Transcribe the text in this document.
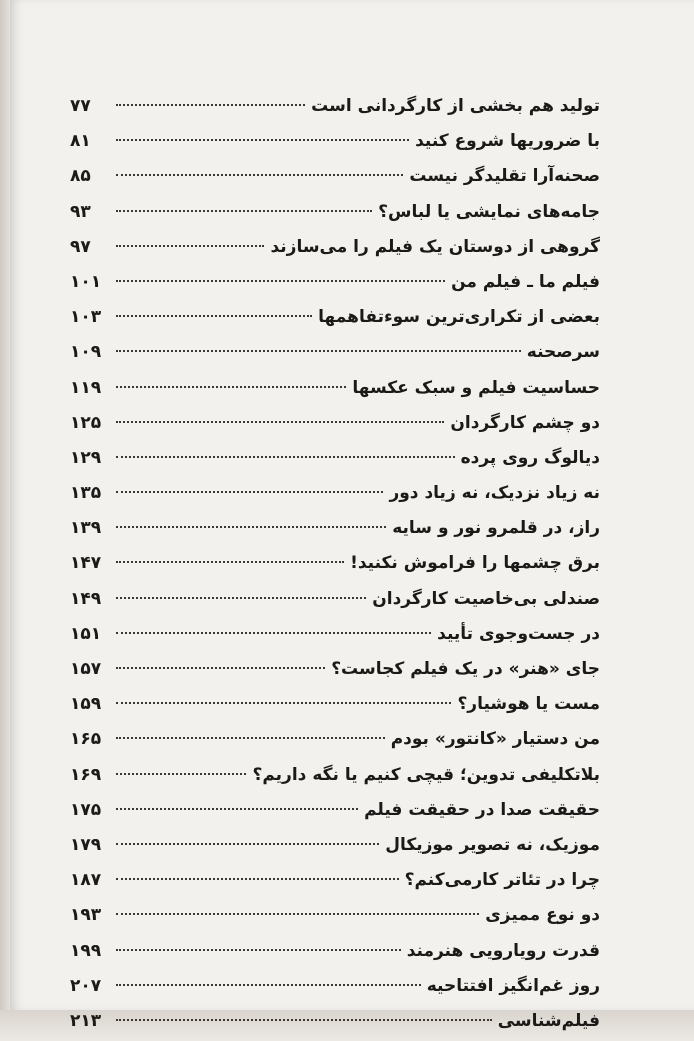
تولید هم بخشی از کارگردانی است
۷۷
با ضروریها شروع کنید
۸۱
صحنه‌آرا تقلیدگر نیست
۸۵
جامه‌های نمایشی یا لباس؟
۹۳
گروهی از دوستان یک فیلم را می‌سازند
۹۷
فیلم ما ـ فیلم من
۱۰۱
بعضی از تکراری‌ترین سوءتفاهمها
۱۰۳
سرصحنه
۱۰۹
حساسیت فیلم و سبک عکسها
۱۱۹
دو چشم کارگردان
۱۲۵
دیالوگ روی پرده
۱۲۹
نه زیاد نزدیک، نه زیاد دور
۱۳۵
راز، در قلمرو نور و سایه
۱۳۹
برق چشمها را فراموش نکنید!
۱۴۷
صندلی بی‌خاصیت کارگردان
۱۴۹
در جست‌وجوی تأیید
۱۵۱
جای «هنر» در یک فیلم کجاست؟
۱۵۷
مست یا هوشیار؟
۱۵۹
من دستیار «کانتور» بودم
۱۶۵
بلاتکلیفی تدوین؛ قیچی کنیم یا نگه داریم؟
۱۶۹
حقیقت صدا در حقیقت فیلم
۱۷۵
موزیک، نه تصویر موزیکال
۱۷۹
چرا در تئاتر کارمی‌کنم؟
۱۸۷
دو نوع ممیزی
۱۹۳
قدرت رویارویی هنرمند
۱۹۹
روز غم‌انگیز افتتاحیه
۲۰۷
فیلم‌شناسی
۲۱۳
